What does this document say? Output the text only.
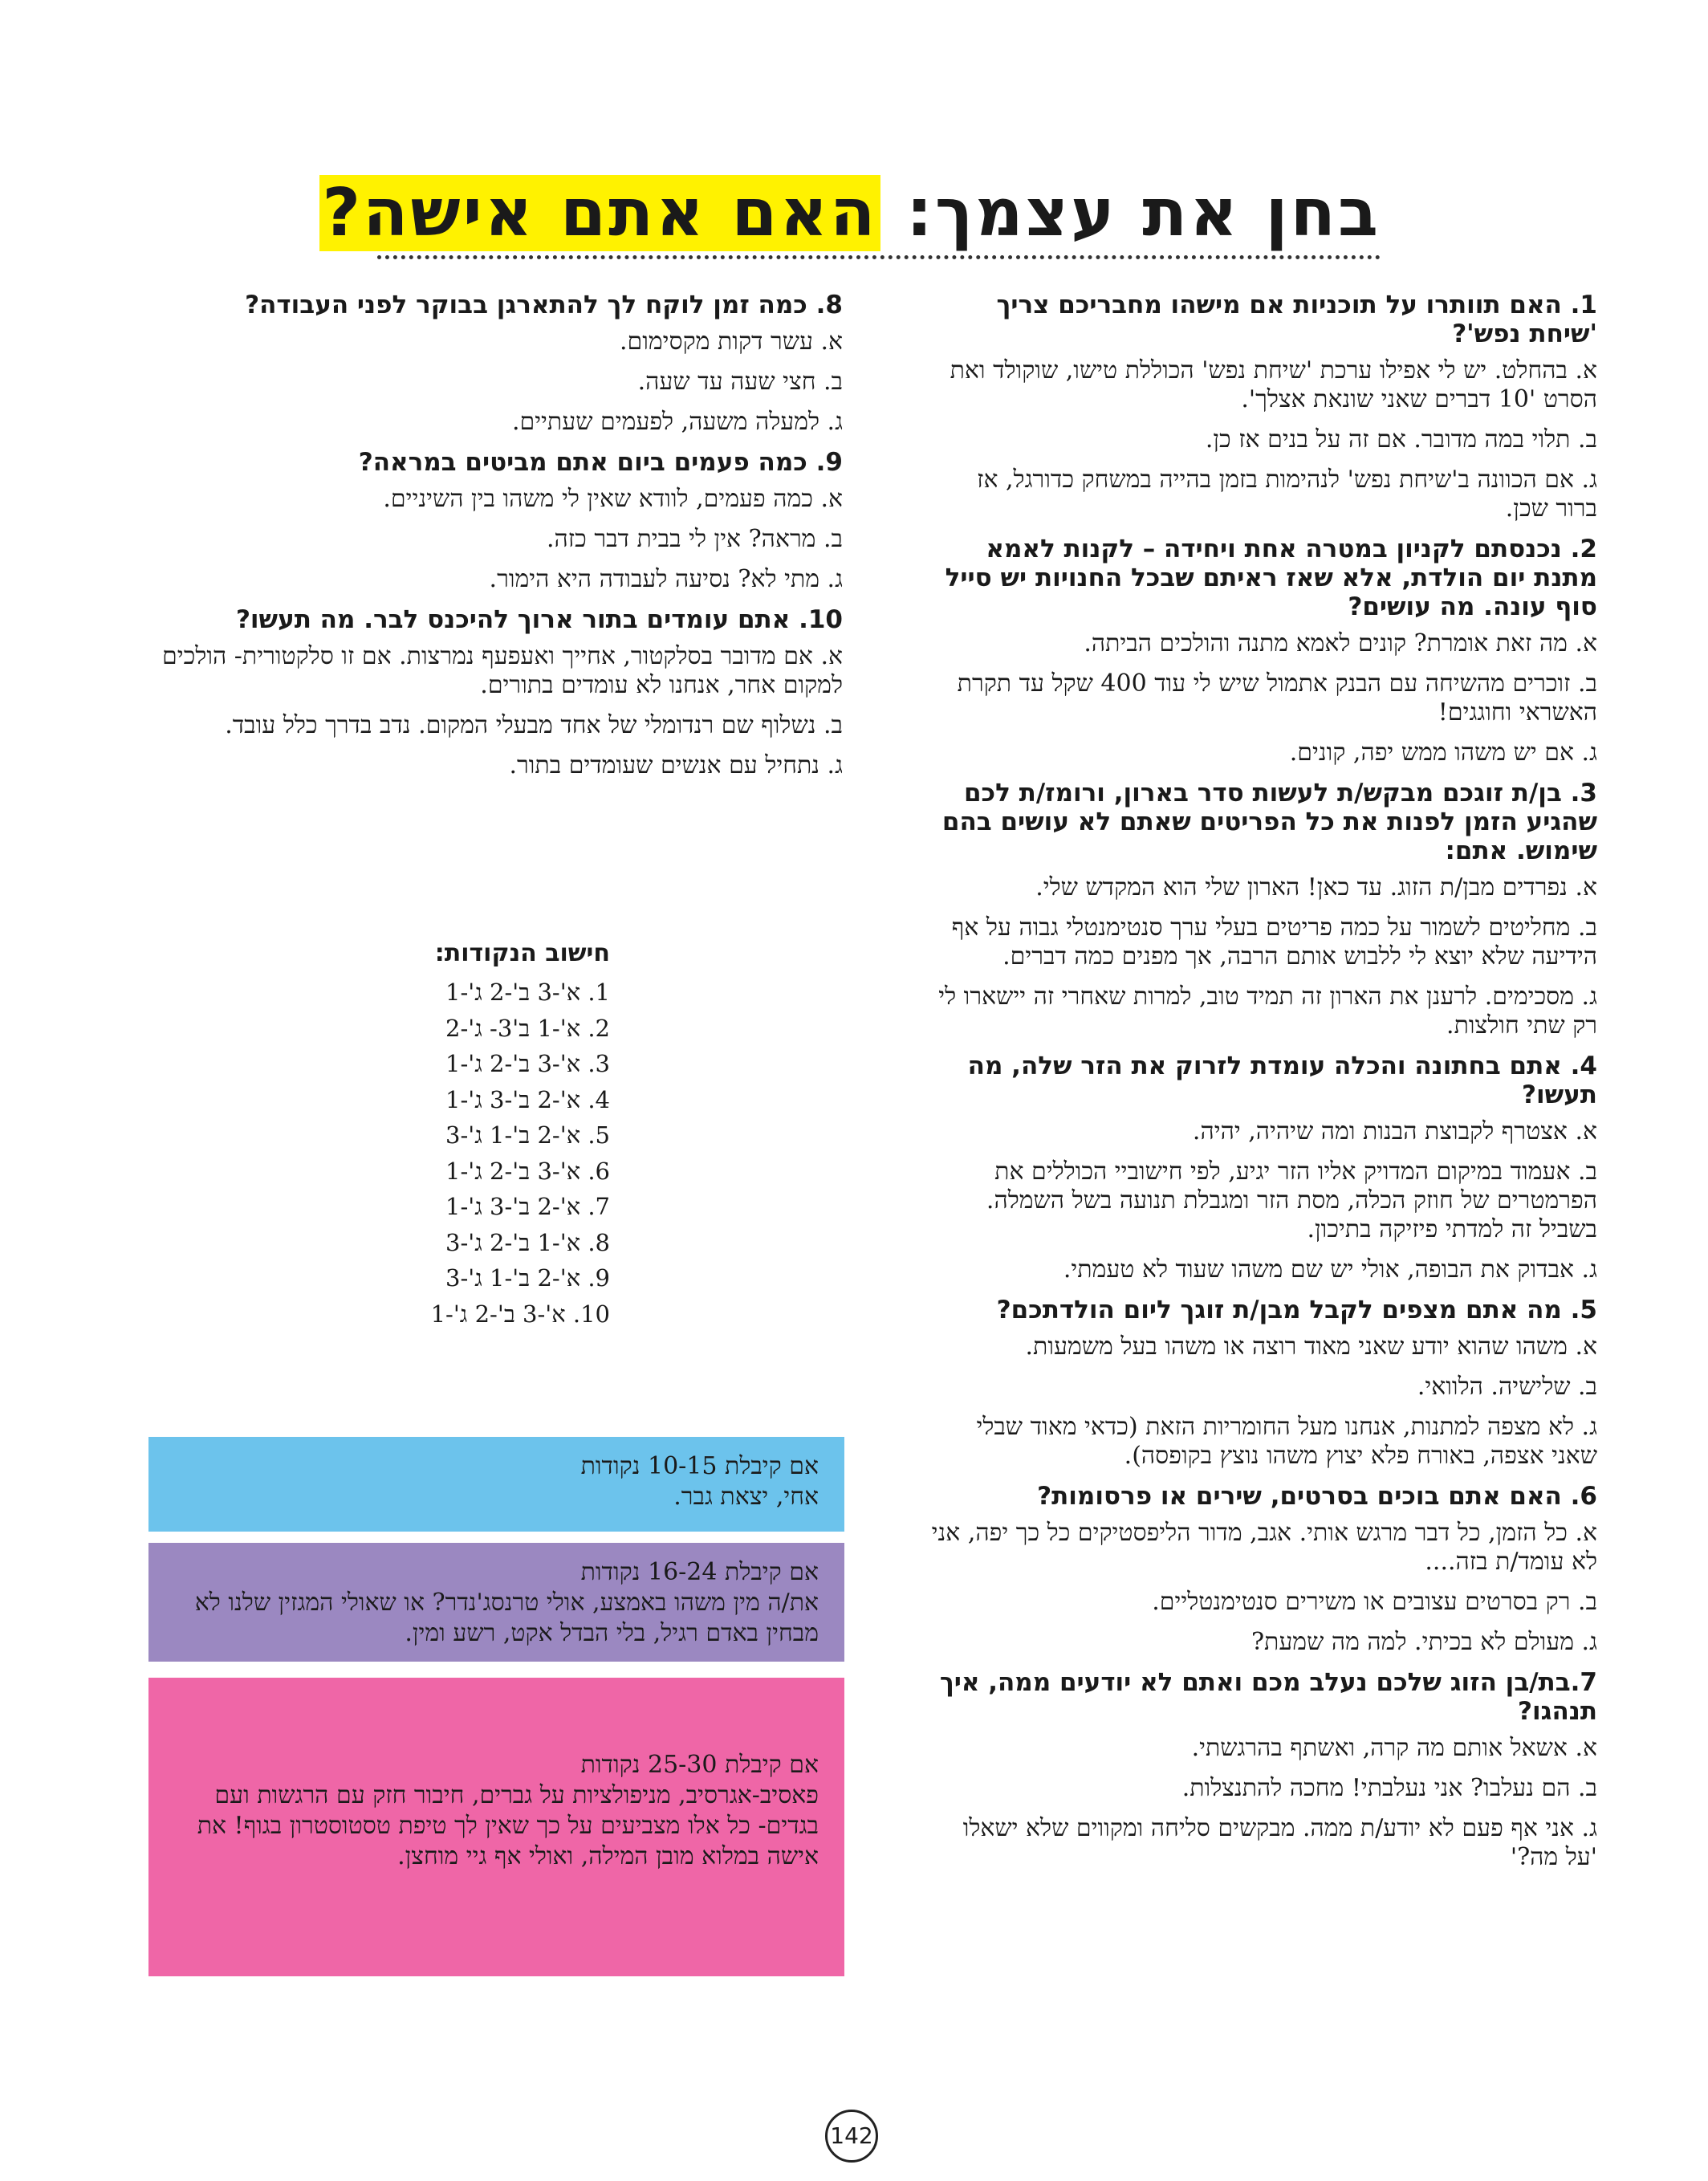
בחן את עצמך: האם אתם אישה?

1. האם תוותרו על תוכניות אם מישהו מחבריכם צריך 'שיחת נפש'?

א. בהחלט. יש לי אפילו ערכת 'שיחת נפש' הכוללת טישו, שוקולד ואת הסרט '10 דברים שאני שונאת אצלך'.

ב. תלוי במה מדובר. אם זה על בנים אז כן.

ג. אם הכוונה ב'שיחת נפש' לנהימות בזמן בהייה במשחק כדורגל, אז ברור שכן.

2. נכנסתם לקניון במטרה אחת ויחידה – לקנות לאמא מתנת יום הולדת, אלא שאז ראיתם שבכל החנויות יש סייל סוף עונה. מה עושים?

א. מה זאת אומרת? קונים לאמא מתנה והולכים הביתה.

ב. זוכרים מהשיחה עם הבנק אתמול שיש לי עוד 400 שקל עד תקרת האשראי וחוגגים!

ג. אם יש משהו ממש יפה, קונים.

3. בן/ת זוגכם מבקש/ת לעשות סדר בארון, ורומז/ת לכם שהגיע הזמן לפנות את כל הפריטים שאתם לא עושים בהם שימוש. אתם:

א. נפרדים מבן/ת הזוג. עד כאן! הארון שלי הוא המקדש שלי.

ב. מחליטים לשמור על כמה פריטים בעלי ערך סנטימנטלי גבוה על אף הידיעה שלא יוצא לי ללבוש אותם הרבה, אך מפנים כמה דברים.

ג. מסכימים. לרענן את הארון זה תמיד טוב, למרות שאחרי זה יישארו לי רק שתי חולצות.

4. אתם בחתונה והכלה עומדת לזרוק את הזר שלה, מה תעשו?

א. אצטרף לקבוצת הבנות ומה שיהיה, יהיה.

ב. אעמוד במיקום המדויק אליו הזר יגיע, לפי חישוביי הכוללים את הפרמטרים של חוזק הכלה, מסת הזר ומגבלת תנועה בשל השמלה. בשביל זה למדתי פיזיקה בתיכון.

ג. אבדוק את הבופה, אולי יש שם משהו שעוד לא טעמתי.

5. מה אתם מצפים לקבל מבן/ת זוגך ליום הולדתכם?

א. משהו שהוא יודע שאני מאוד רוצה או משהו בעל משמעות.

ב. שלישיה. הלוואי.

ג. לא מצפה למתנות, אנחנו מעל החומריות הזאת (כדאי מאוד שבלי שאני אצפה, באורח פלא יצוץ משהו נוצץ בקופסה).

6. האם אתם בוכים בסרטים, שירים או פרסומות?

א. כל הזמן, כל דבר מרגש אותי. אגב, מדור הליפסטיקים כל כך יפה, אני לא עומד/ת בזה....

ב. רק בסרטים עצובים או משירים סנטימנטליים.

ג. מעולם לא בכיתי. למה מה שמעת?

7.בת/בן הזוג שלכם נעלב מכם ואתם לא יודעים ממה, איך תנהגו?

א. אשאל אותם מה קרה, ואשתף בהרגשתי.

ב. הם נעלבו? אני נעלבתי! מחכה להתנצלות.

ג. אני אף פעם לא יודע/ת ממה. מבקשים סליחה ומקווים שלא ישאלו 'על מה?'

8. כמה זמן לוקח לך להתארגן בבוקר לפני העבודה?

א. עשר דקות מקסימום.

ב. חצי שעה עד שעה.

ג. למעלה משעה, לפעמים שעתיים.

9. כמה פעמים ביום אתם מביטים במראה?

א. כמה פעמים, לוודא שאין לי משהו בין השיניים.

ב. מראה? אין לי בבית דבר כזה.

ג. מתי לא? נסיעה לעבודה היא הימור.

10. אתם עומדים בתור ארוך להיכנס לבר. מה תעשו?

א. אם מדובר בסלקטור, אחייך ואעפעף נמרצות. אם זו סלקטורית- הולכים למקום אחר, אנחנו לא עומדים בתורים.

ב. נשלוף שם רנדומלי של אחד מבעלי המקום. נדב בדרך כלל עובד.

ג. נתחיל עם אנשים שעומדים בתור.

חישוב הנקודות:

1. א'-3 ב'-2 ג'-1

2. א'-1 ב'3- ג'-2

3. א'-3 ב'-2 ג'-1

4. א'-2 ב'-3 ג'-1

5. א'-2 ב'-1 ג'-3

6. א'-3 ב'-2 ג'-1

7. א'-2 ב'-3 ג'-1

8. א'-1 ב'-2 ג'-3

9. א'-2 ב'-1 ג'-3

10. א'-3 ב'-2 ג'-1

אם קיבלת 10-15 נקודות

אחי, יצאת גבר.

אם קיבלת 16-24 נקודות

את/ה מין משהו באמצע, אולי טרנסג'נדר? או שאולי המגזין שלנו לא מבחין באדם רגיל, בלי הבדל אקט, רשע ומין.

אם קיבלת 25-30 נקודות

פאסיב-אגרסיב, מניפולציות על גברים, חיבור חזק עם הרגשות ועם בגדים- כל אלו מצביעים על כך שאין לך טיפת טסטוסטרון בגוף! את אישה במלוא מובן המילה, ואולי אף גיי מוחצן.

142
